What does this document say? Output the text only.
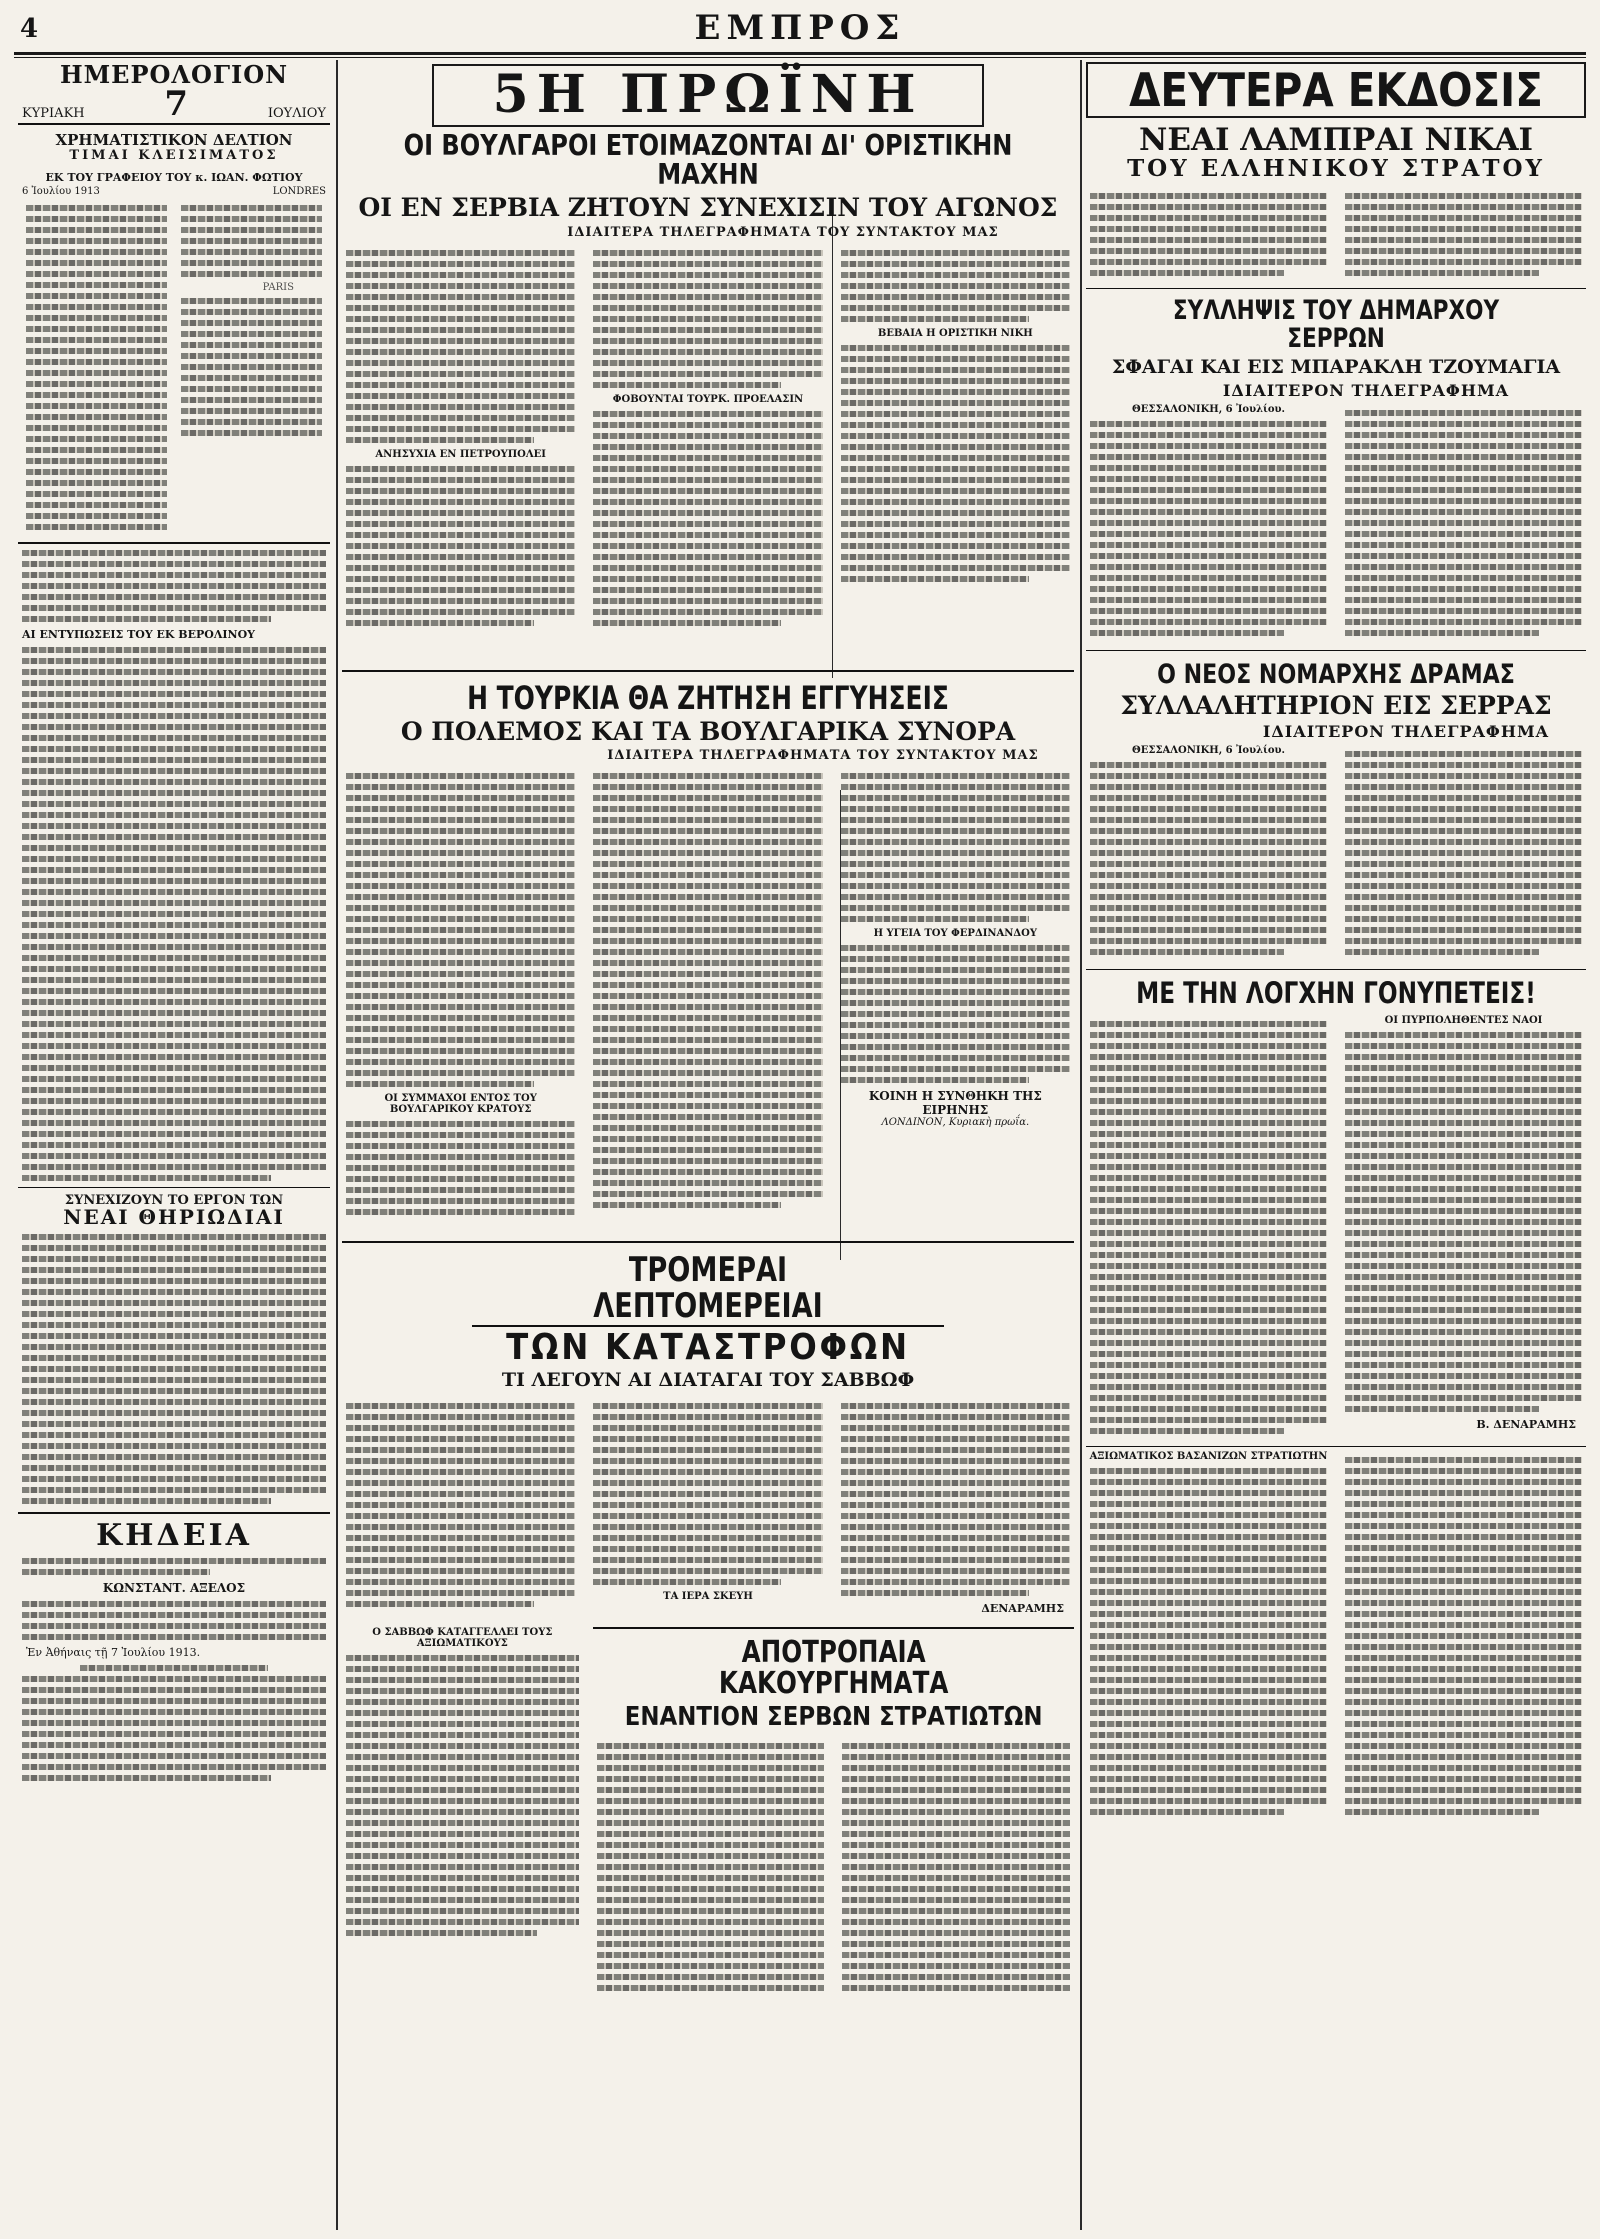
4	ΕΜΠΡΟΣ
ΗΜΕΡΟΛΟΓΙΟΝ
ΚΥΡΙΑΚΗ 7	ΙΟΥΛΙΟΥ
ΧΡΗΜΑΤΙΣΤΙΚΟΝ ΔΕΛΤΙΟΝ
ΤΙΜΑΙ ΚΛΕΙΣΙΜΑΤΟΣ
ΕΚ ΤΟΥ ΓΡΑΦΕΙΟΥ ΤΟΥ κ. ΙΩΑΝ. ΦΩΤΙΟΥ
6 Ἰουλίου 1913	LONDRES
PARIS
ΑΙ ΕΝΤΥΠΩΣΕΙΣ ΤΟΥ ΕΚ ΒΕΡΟΛΙΝΟΥ
ΣΥΝΕΧΙΖΟΥΝ ΤΟ ΕΡΓΟΝ ΤΩΝ
ΝΕΑΙ ΘΗΡΙΩΔΙΑΙ
ΚΗΔΕΙΑ
ΚΩΝΣΤΑΝΤ. ΑΞΕΛΟΣ
Ἐν Ἀθήναις τῇ 7 Ἰουλίου 1913.
5Η ΠΡΩΪΝΗ
ΟΙ ΒΟΥΛΓΑΡΟΙ ΕΤΟΙΜΑΖΟΝΤΑΙ ΔΙ' ΟΡΙΣΤΙΚΗΝ ΜΑΧΗΝ
ΟΙ ΕΝ ΣΕΡΒΙΑ ΖΗΤΟΥΝ ΣΥΝΕΧΙΣΙΝ ΤΟΥ ΑΓΩΝΟΣ
ΙΔΙΑΙΤΕΡΑ ΤΗΛΕΓΡΑΦΗΜΑΤΑ ΤΟΥ ΣΥΝΤΑΚΤΟΥ ΜΑΣ
ΑΝΗΣΥΧΙΑ ΕΝ ΠΕΤΡΟΥΠΟΛΕΙ
ΦΟΒΟΥΝΤΑΙ ΤΟΥΡΚ. ΠΡΟΕΛΑΣΙΝ
ΒΕΒΑΙΑ Η ΟΡΙΣΤΙΚΗ ΝΙΚΗ
Η ΤΟΥΡΚΙΑ ΘΑ ΖΗΤΗΣΗ ΕΓΓΥΗΣΕΙΣ
Ο ΠΟΛΕΜΟΣ ΚΑΙ ΤΑ ΒΟΥΛΓΑΡΙΚΑ ΣΥΝΟΡΑ
ΙΔΙΑΙΤΕΡΑ ΤΗΛΕΓΡΑΦΗΜΑΤΑ ΤΟΥ ΣΥΝΤΑΚΤΟΥ ΜΑΣ
ΟΙ ΣΥΜΜΑΧΟΙ ΕΝΤΟΣ ΤΟΥ ΒΟΥΛΓΑΡΙΚΟΥ ΚΡΑΤΟΥΣ
Η ΥΓΕΙΑ ΤΟΥ ΦΕΡΔΙΝΑΝΔΟΥ
ΚΟΙΝΗ Η ΣΥΝΘΗΚΗ ΤΗΣ ΕΙΡΗΝΗΣ
ΛΟΝΔΙΝΟΝ, Κυριακὴ πρωΐα.
ΤΡΟΜΕΡΑΙ ΛΕΠΤΟΜΕΡΕΙΑΙ
ΤΩΝ ΚΑΤΑΣΤΡΟΦΩΝ
ΤΙ ΛΕΓΟΥΝ ΑΙ ΔΙΑΤΑΓΑΙ ΤΟΥ ΣΑΒΒΩΦ
ΤΑ ΙΕΡΑ ΣΚΕΥΗ
ΔΕΝΑΡΑΜΗΣ
Ο ΣΑΒΒΩΦ ΚΑΤΑΓΓΕΛΛΕΙ ΤΟΥΣ ΑΞΙΩΜΑΤΙΚΟΥΣ	ΑΠΟΤΡΟΠΑΙΑ ΚΑΚΟΥΡΓΗΜΑΤΑ
ΕΝΑΝΤΙΟΝ ΣΕΡΒΩΝ ΣΤΡΑΤΙΩΤΩΝ
ΔΕΥΤΕΡΑ ΕΚΔΟΣΙΣ
ΝΕΑΙ ΛΑΜΠΡΑΙ ΝΙΚΑΙ
ΤΟΥ ΕΛΛΗΝΙΚΟΥ ΣΤΡΑΤΟΥ
ΣΥΛΛΗΨΙΣ ΤΟΥ ΔΗΜΑΡΧΟΥ ΣΕΡΡΩΝ
ΣΦΑΓΑΙ ΚΑΙ ΕΙΣ ΜΠΑΡΑΚΛΗ ΤΖΟΥΜΑΓΙΑ
ΙΔΙΑΙΤΕΡΟΝ ΤΗΛΕΓΡΑΦΗΜΑ
ΘΕΣΣΑΛΟΝΙΚΗ, 6 Ἰουλίου.
Ο ΝΕΟΣ ΝΟΜΑΡΧΗΣ ΔΡΑΜΑΣ
ΣΥΛΛΑΛΗΤΗΡΙΟΝ ΕΙΣ ΣΕΡΡΑΣ
ΙΔΙΑΙΤΕΡΟΝ ΤΗΛΕΓΡΑΦΗΜΑ
ΘΕΣΣΑΛΟΝΙΚΗ, 6 Ἰουλίου.
ΜΕ ΤΗΝ ΛΟΓΧΗΝ ΓΟΝΥΠΕΤΕΙΣ!
ΟΙ ΠΥΡΠΟΛΗΘΕΝΤΕΣ ΝΑΟΙ
Β. ΔΕΝΑΡΑΜΗΣ
ΑΞΙΩΜΑΤΙΚΟΣ ΒΑΣΑΝΙΖΩΝ ΣΤΡΑΤΙΩΤΗΝ
